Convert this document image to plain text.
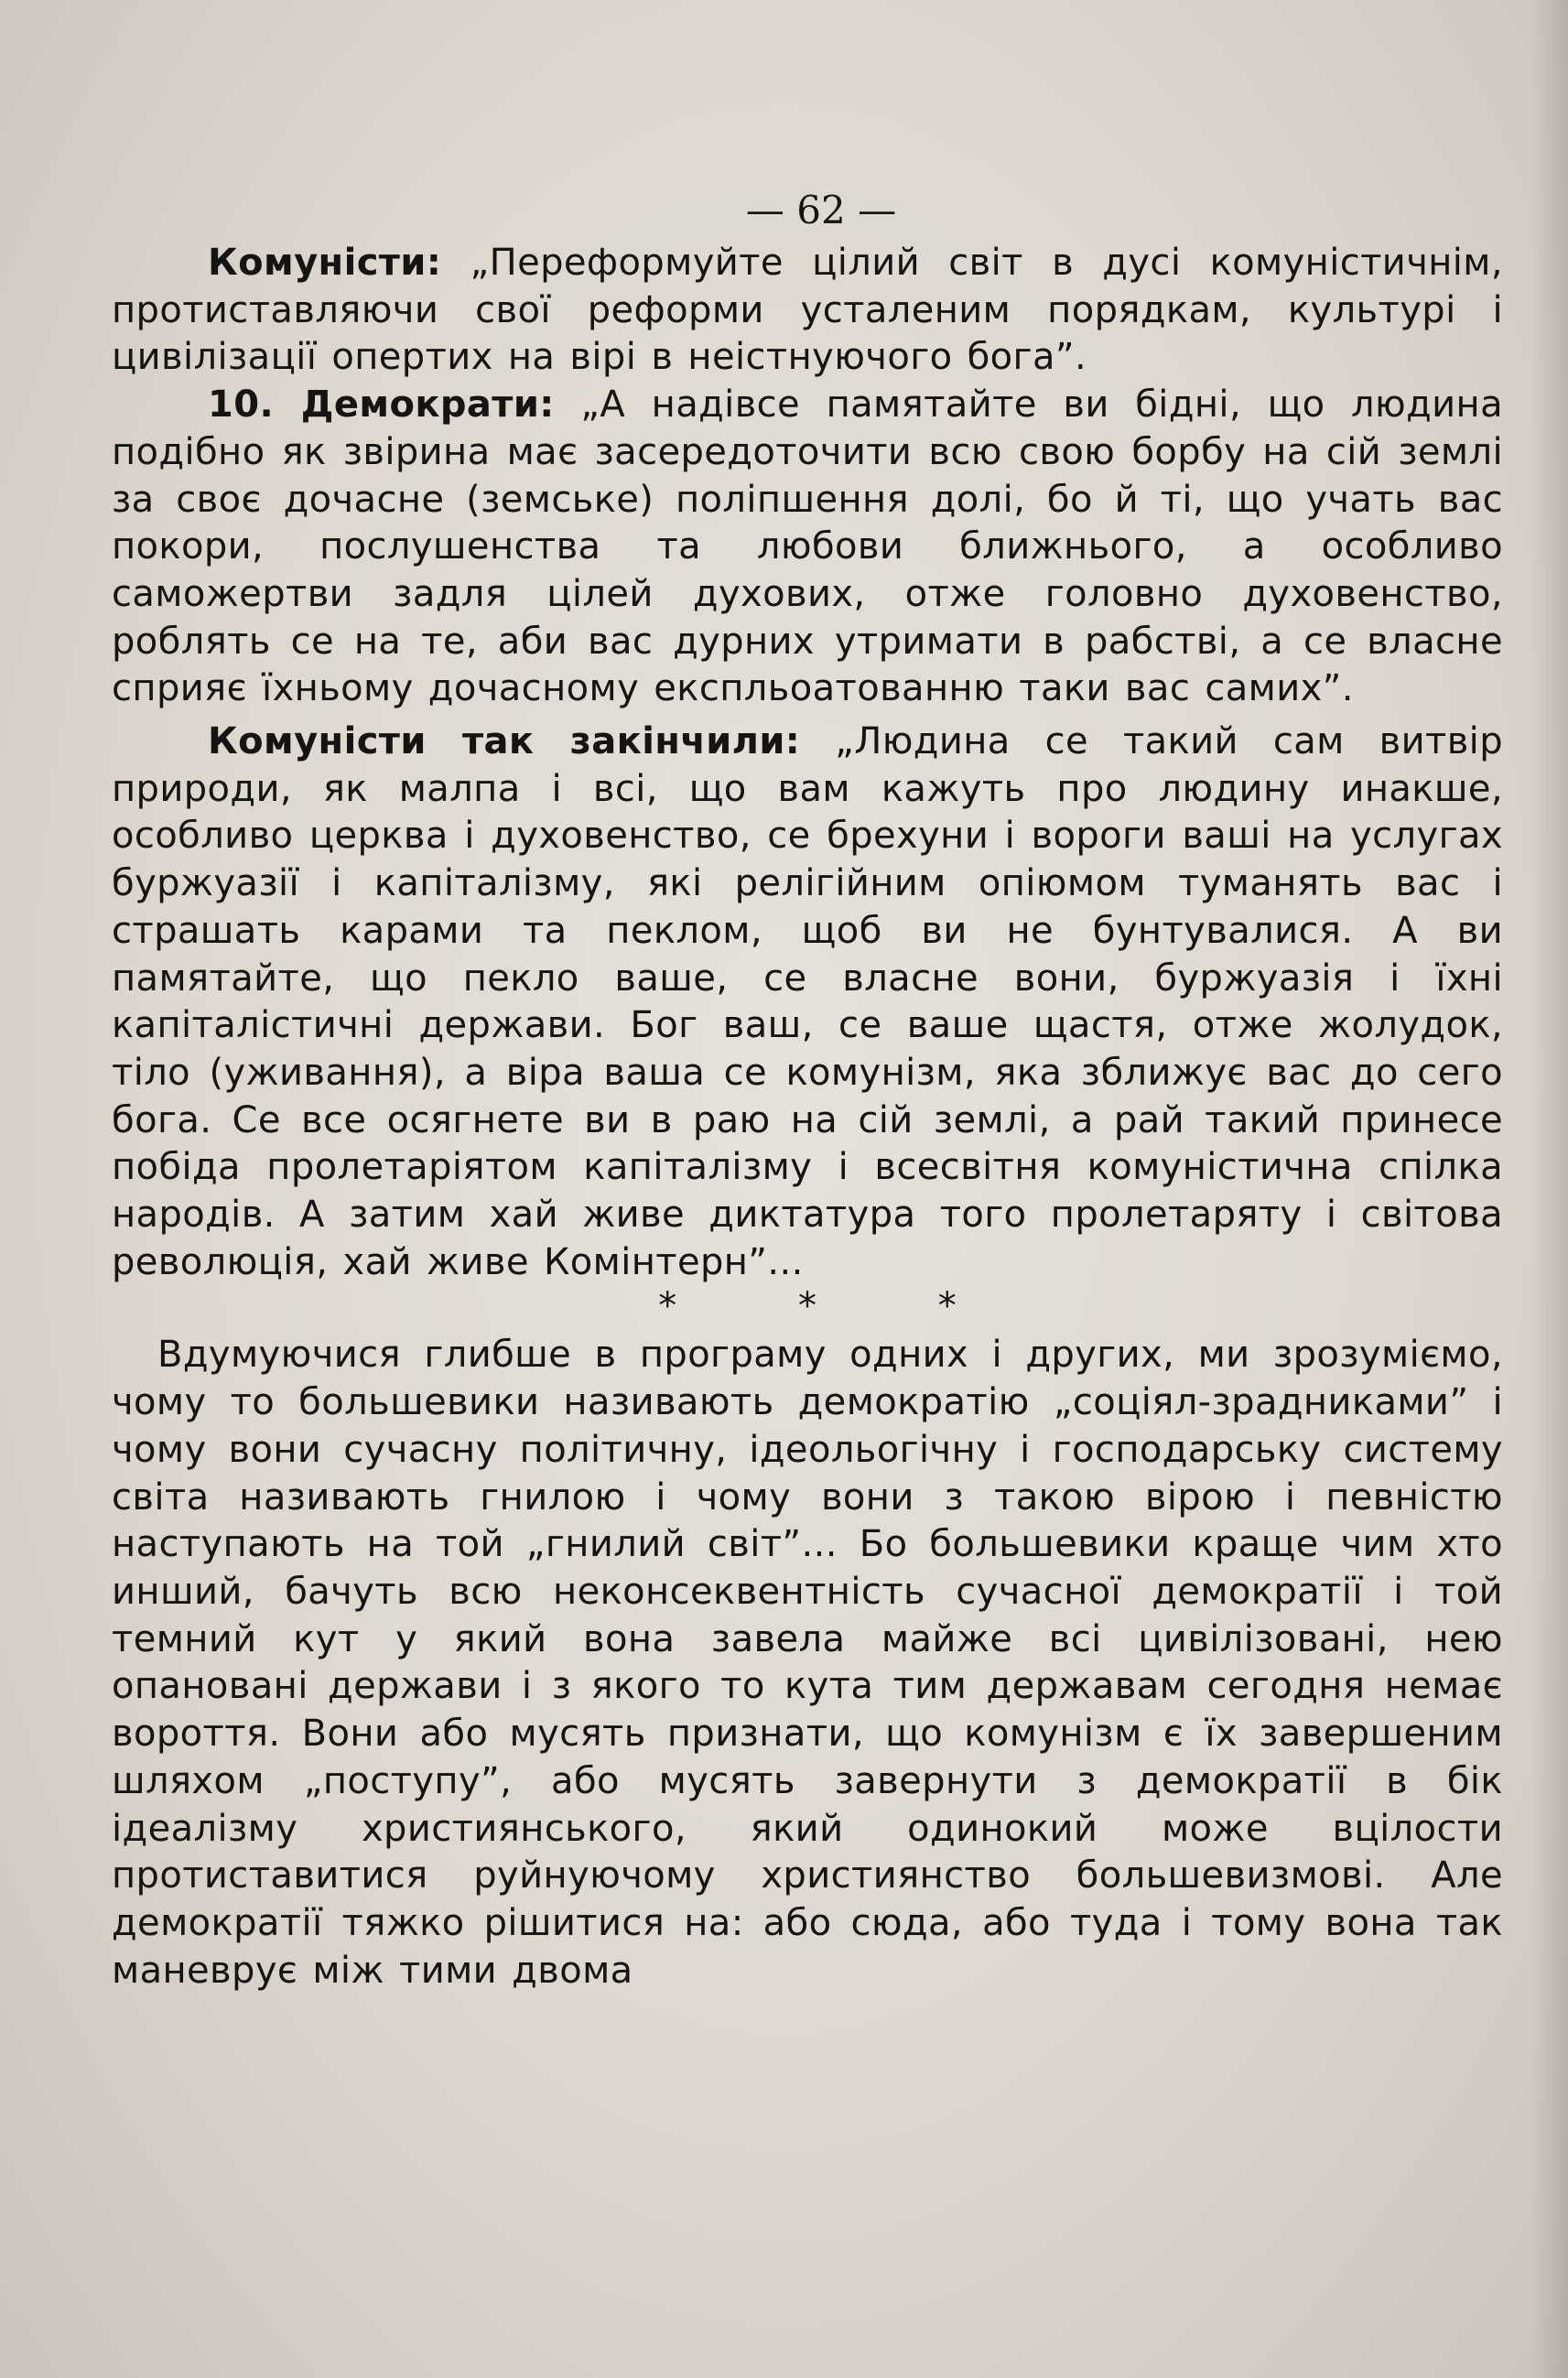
— 62 —

Комуністи: „Переформуйте цілий світ в дусі комуністичнім, протиставляючи свої реформи усталеним порядкам, культурі і цивілізації опертих на вірі в неістнуючого бога”.

10. Демократи: „А надівсе памятайте ви бідні, що людина подібно як звірина має засередоточити всю свою борбу на сій землі за своє дочасне (земське) поліпшення долі, бо й ті, що учать вас покори, послушенства та любови ближнього, а особливо саможертви задля цілей духових, отже головно духовенство, роблять се на те, аби вас дурних утримати в рабстві, а се власне сприяє їхньому дочасному експльоатованню таки вас самих”.

Комуністи так закінчили: „Людина се такий сам витвір природи, як малпа і всі, що вам кажуть про людину инакше, особливо церква і духовенство, се брехуни і вороги ваші на услугах буржуазії і капіталізму, які релігійним опіюмом туманять вас і страшать карами та пеклом, щоб ви не бунтувалися. А ви памятайте, що пекло ваше, се власне вони, буржуазія і їхні капіталістичні держави. Бог ваш, се ваше щастя, отже жолудок, тіло (уживання), а віра ваша се комунізм, яка зближує вас до сего бога. Се все осягнете ви в раю на сій землі, а рай такий принесе побіда пролетаріятом капіталізму і всесвітня комуністична спілка народів. А затим хай живе диктатура того пролетаряту і світова революція, хай живе Комінтерн”...

* * *

Вдумуючися глибше в програму одних і других, ми зрозуміємо, чому то большевики називають демократію „соціял-зрадниками” і чому вони сучасну політичну, ідеольогічну і господарську систему світа називають гнилою і чому вони з такою вірою і певністю наступають на той „гнилий світ”... Бо большевики краще чим хто инший, бачуть всю неконсеквентність сучасної демократії і той темний кут у який вона завела майже всі цивілізовані, нею опановані держави і з якого то кута тим державам сегодня немає вороття. Вони або мусять признати, що комунізм є їх завершеним шляхом „поступу”, або мусять завернути з демократії в бік ідеалізму християнського, який одинокий може вцілости протиставитися руйнуючому християнство большевизмові. Але демократії тяжко рішитися на: або сюда, або туда і тому вона так маневрує між тими двома
